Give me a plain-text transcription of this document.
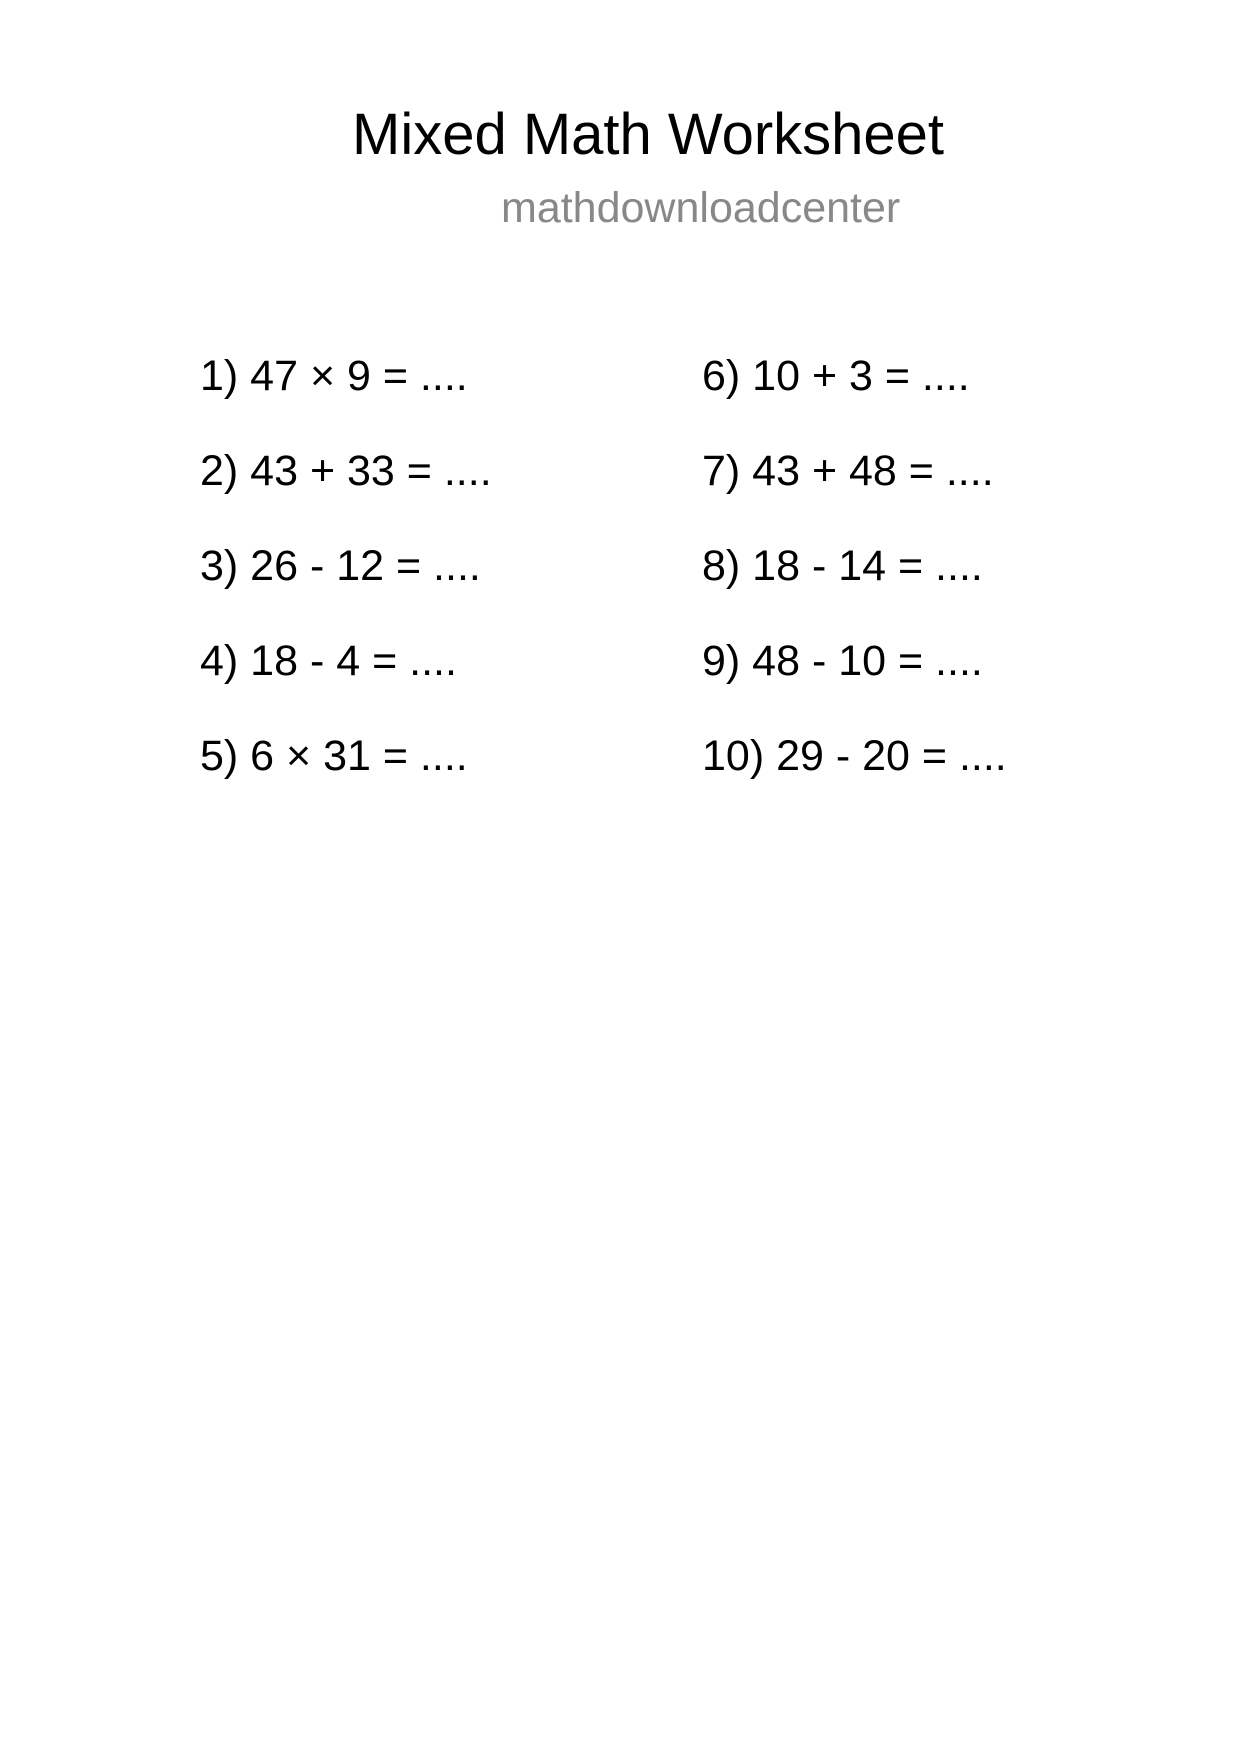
Mixed Math Worksheet
mathdownloadcenter
1) 47 × 9 = ....
2) 43 + 33 = ....
3) 26 - 12 = ....
4) 18 - 4 = ....
5) 6 × 31 = ....
6) 10 + 3 = ....
7) 43 + 48 = ....
8) 18 - 14 = ....
9) 48 - 10 = ....
10) 29 - 20 = ....
